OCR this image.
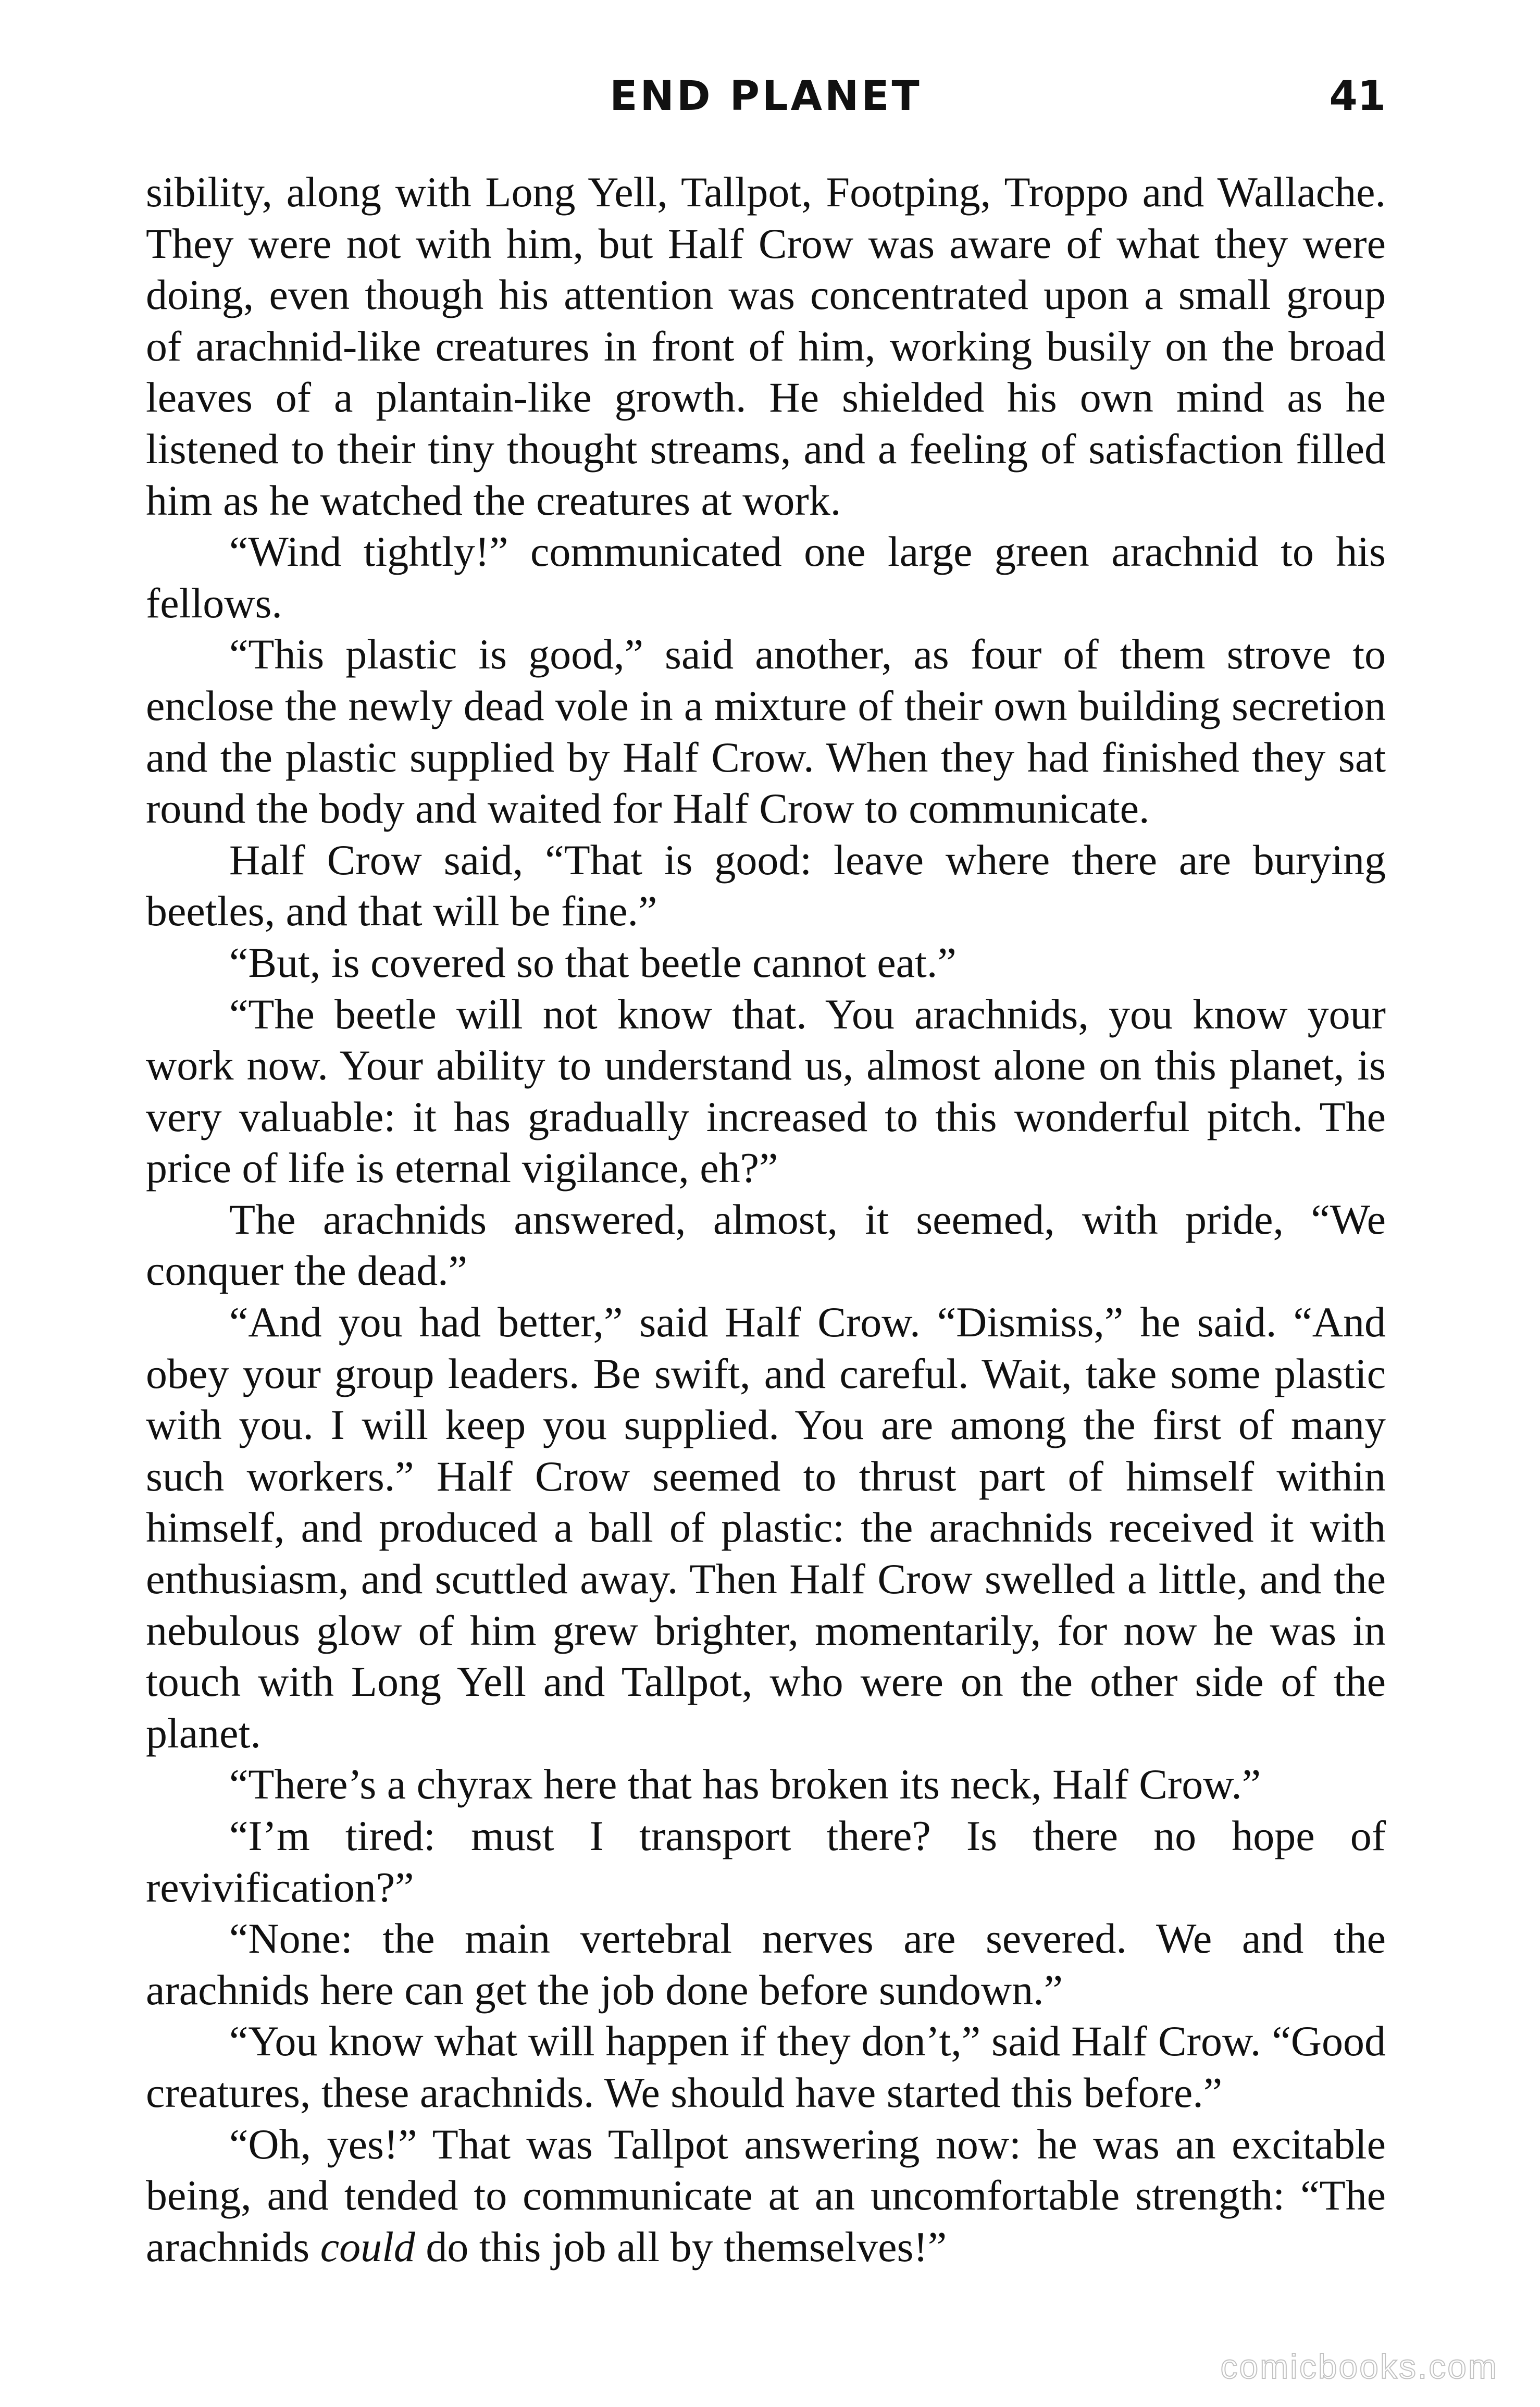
END PLANET	41

sibility, along with Long Yell, Tallpot, Footping, Troppo and Wallache. They were not with him, but Half Crow was aware of what they were doing, even though his attention was concentrated upon a small group of arachnid-like creatures in front of him, working busily on the broad leaves of a plantain-like growth. He shielded his own mind as he listened to their tiny thought streams, and a feeling of satisfaction filled him as he watched the creatures at work.

“Wind tightly!” communicated one large green arachnid to his fellows.

“This plastic is good,” said another, as four of them strove to enclose the newly dead vole in a mixture of their own building secretion and the plastic supplied by Half Crow. When they had finished they sat round the body and waited for Half Crow to communicate.

Half Crow said, “That is good: leave where there are burying beetles, and that will be fine.”

“But, is covered so that beetle cannot eat.”

“The beetle will not know that. You arachnids, you know your work now. Your ability to understand us, almost alone on this planet, is very valuable: it has gradually increased to this wonderful pitch. The price of life is eternal vigilance, eh?”

The arachnids answered, almost, it seemed, with pride, “We conquer the dead.”

“And you had better,” said Half Crow. “Dismiss,” he said. “And obey your group leaders. Be swift, and careful. Wait, take some plastic with you. I will keep you supplied. You are among the first of many such workers.” Half Crow seemed to thrust part of himself within himself, and produced a ball of plastic: the arachnids received it with enthusiasm, and scuttled away. Then Half Crow swelled a little, and the nebulous glow of him grew brighter, momentarily, for now he was in touch with Long Yell and Tallpot, who were on the other side of the planet.

“There’s a chyrax here that has broken its neck, Half Crow.”

“I’m tired: must I transport there? Is there no hope of revivification?”

“None: the main vertebral nerves are severed. We and the arachnids here can get the job done before sundown.”

“You know what will happen if they don’t,” said Half Crow. “Good creatures, these arachnids. We should have started this before.”

“Oh, yes!” That was Tallpot answering now: he was an excitable being, and tended to communicate at an uncomfortable strength: “The arachnids could do this job all by themselves!”

comicbooks.com
